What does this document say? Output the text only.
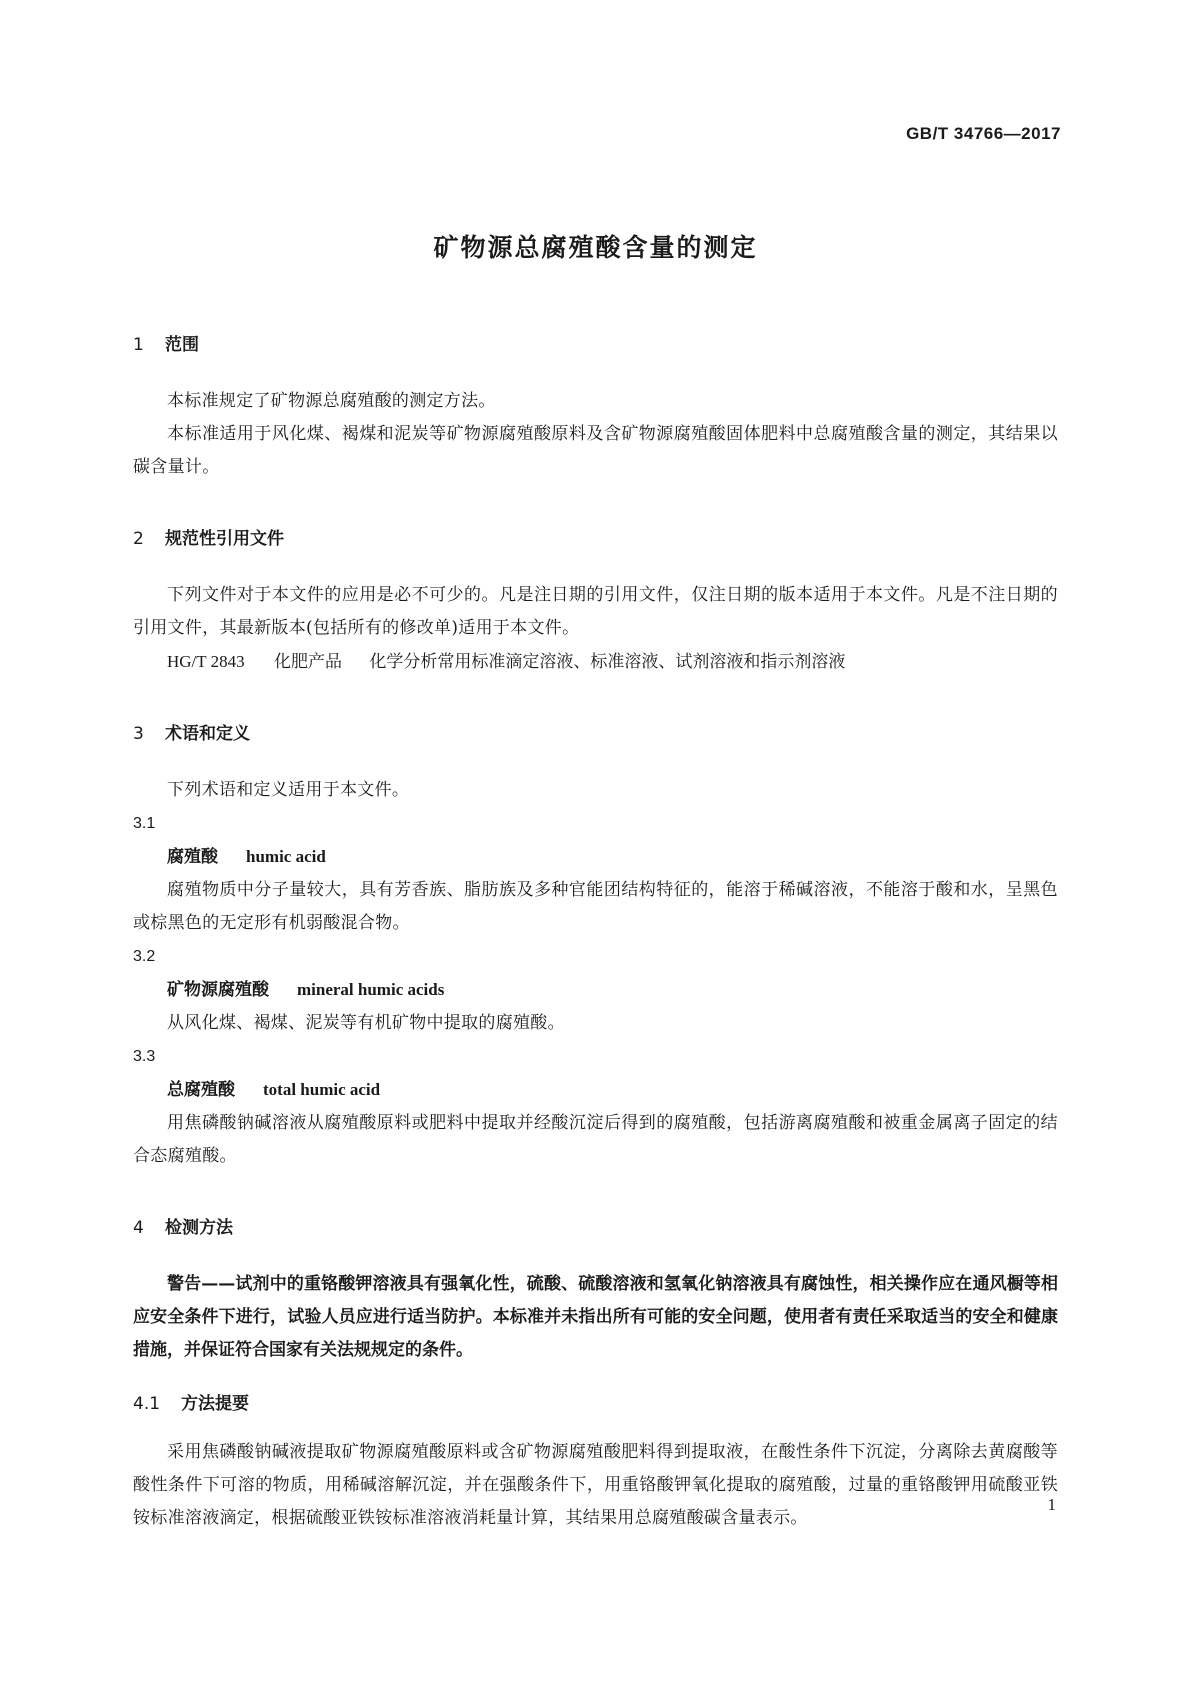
GB/T 34766—2017
矿物源总腐殖酸含量的测定
1	范围

本标准规定了矿物源总腐殖酸的测定方法。

本标准适用于风化煤、褐煤和泥炭等矿物源腐殖酸原料及含矿物源腐殖酸固体肥料中总腐殖酸含量的测定，其结果以碳含量计。

2	规范性引用文件

下列文件对于本文件的应用是必不可少的。凡是注日期的引用文件，仅注日期的版本适用于本文件。凡是不注日期的引用文件，其最新版本(包括所有的修改单)适用于本文件。

HG/T 2843 化肥产品 化学分析常用标准滴定溶液、标准溶液、试剂溶液和指示剂溶液

3	术语和定义

下列术语和定义适用于本文件。

3.1

腐殖酸 humic acid

腐殖物质中分子量较大，具有芳香族、脂肪族及多种官能团结构特征的，能溶于稀碱溶液，不能溶于酸和水，呈黑色或棕黑色的无定形有机弱酸混合物。

3.2

矿物源腐殖酸 mineral humic acids

从风化煤、褐煤、泥炭等有机矿物中提取的腐殖酸。

3.3

总腐殖酸 total humic acid

用焦磷酸钠碱溶液从腐殖酸原料或肥料中提取并经酸沉淀后得到的腐殖酸，包括游离腐殖酸和被重金属离子固定的结合态腐殖酸。

4	检测方法

警告——试剂中的重铬酸钾溶液具有强氧化性，硫酸、硫酸溶液和氢氧化钠溶液具有腐蚀性，相关操作应在通风橱等相应安全条件下进行，试验人员应进行适当防护。本标准并未指出所有可能的安全问题，使用者有责任采取适当的安全和健康措施，并保证符合国家有关法规规定的条件。

4.1	方法提要

采用焦磷酸钠碱液提取矿物源腐殖酸原料或含矿物源腐殖酸肥料得到提取液，在酸性条件下沉淀，分离除去黄腐酸等酸性条件下可溶的物质，用稀碱溶解沉淀，并在强酸条件下，用重铬酸钾氧化提取的腐殖酸，过量的重铬酸钾用硫酸亚铁铵标准溶液滴定，根据硫酸亚铁铵标准溶液消耗量计算，其结果用总腐殖酸碳含量表示。

1
